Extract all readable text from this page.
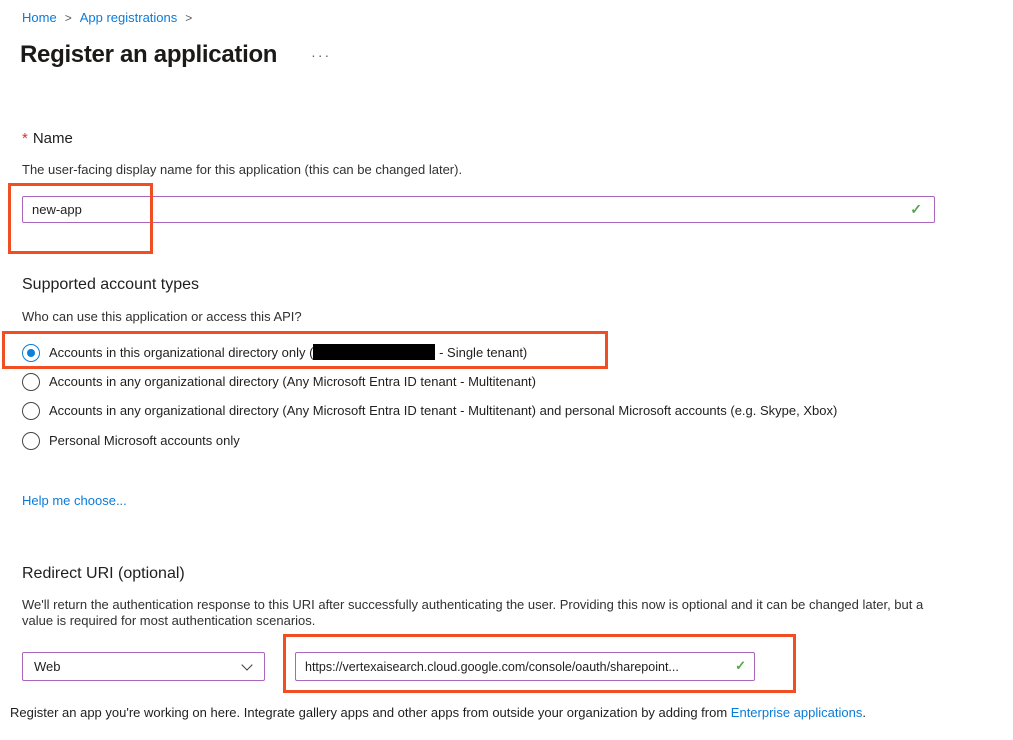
Home > App registrations >
Register an application ···
* Name
The user-facing display name for this application (this can be changed later).
new-app
✓
Supported account types
Who can use this application or access this API?
Accounts in this organizational directory only (	- Single tenant)
Accounts in any organizational directory (Any Microsoft Entra ID tenant - Multitenant)
Accounts in any organizational directory (Any Microsoft Entra ID tenant - Multitenant) and personal Microsoft accounts (e.g. Skype, Xbox)
Personal Microsoft accounts only
Help me choose...
Redirect URI (optional)
We'll return the authentication response to this URI after successfully authenticating the user. Providing this now is optional and it can be changed later, but a value is required for most authentication scenarios.
Web
https://vertexaisearch.cloud.google.com/console/oauth/sharepoint...	✓
Register an app you're working on here. Integrate gallery apps and other apps from outside your organization by adding from Enterprise applications.
